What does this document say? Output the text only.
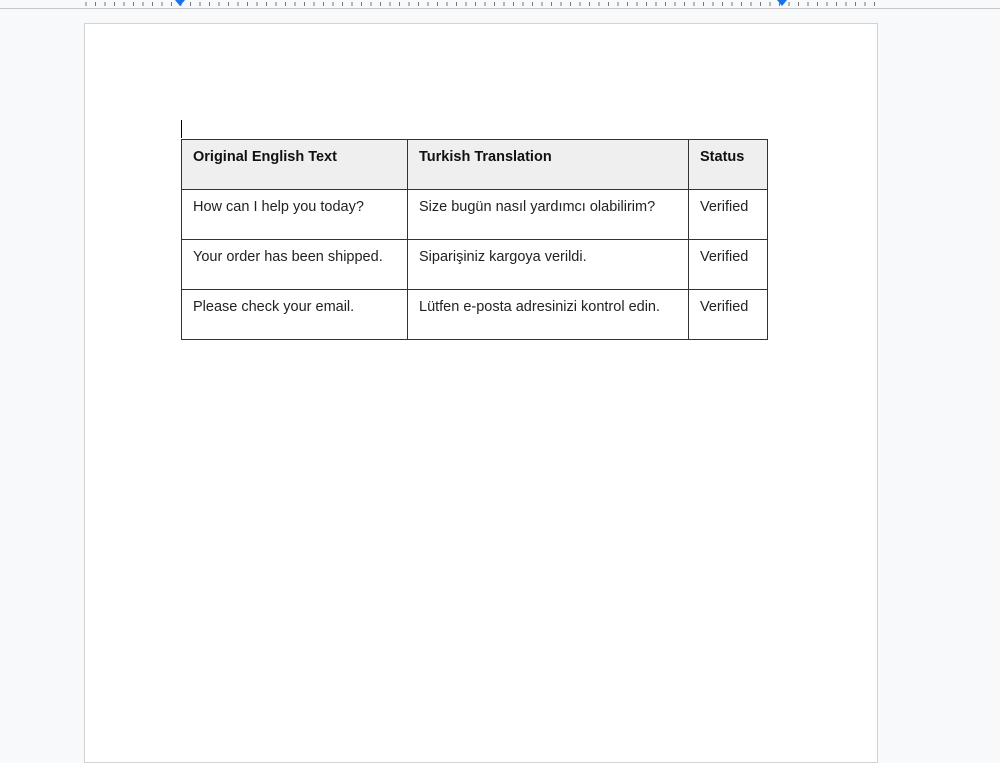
Original English Text	Turkish Translation	Status
How can I help you today?	Size bugün nasıl yardımcı olabilirim?	Verified
Your order has been shipped.	Siparişiniz kargoya verildi.	Verified
Please check your email.	Lütfen e-posta adresinizi kontrol edin.	Verified
